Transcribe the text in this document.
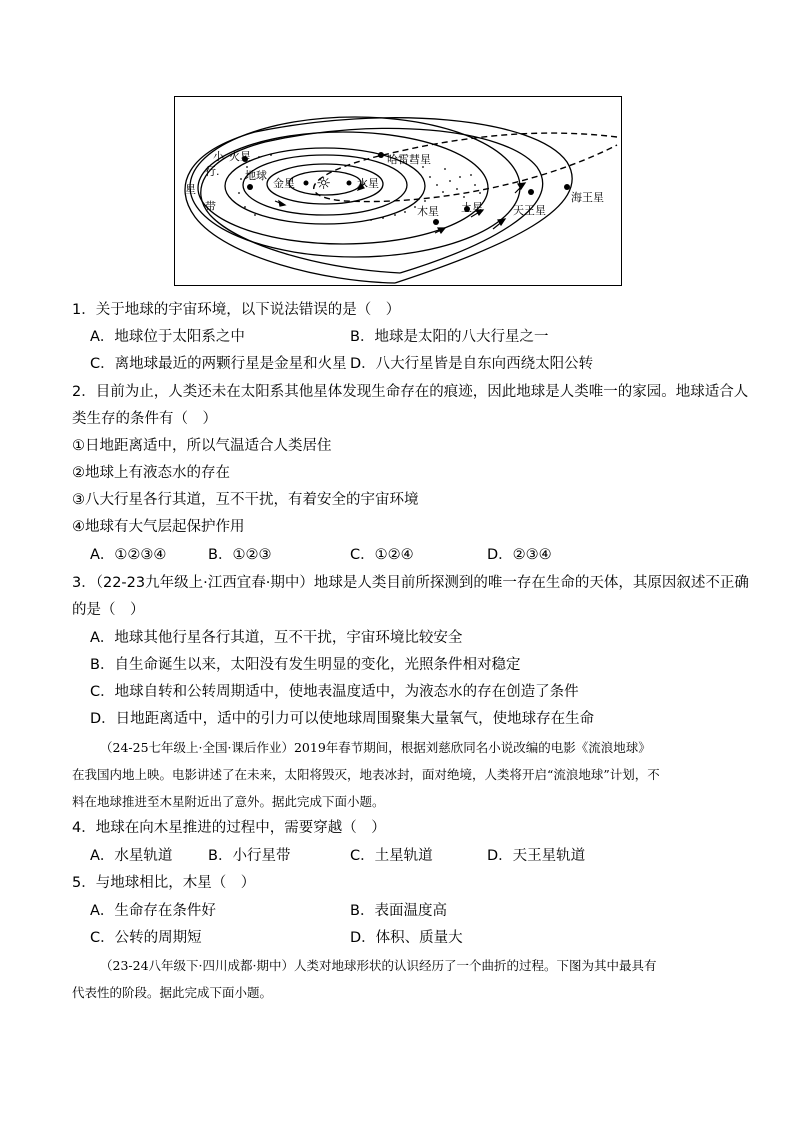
行.
星
带
小 火星
地球
金星 ☼ 水星
哈雷彗星
木星 土星	天王星
海王星
1．关于地球的宇宙环境，以下说法错误的是（　）
A．地球位于太阳系之中	B．地球是太阳的八大行星之一
C．离地球最近的两颗行星是金星和火星 D．八大行星皆是自东向西绕太阳公转
2．目前为止，人类还未在太阳系其他星体发现生命存在的痕迹，因此地球是人类唯一的家园。地球适合人
类生存的条件有（　）
①日地距离适中，所以气温适合人类居住
②地球上有液态水的存在
③八大行星各行其道，互不干扰，有着安全的宇宙环境
④地球有大气层起保护作用
A．①②③④	B．①②③	C．①②④	D．②③④
3．（22-23九年级上·江西宜春·期中）地球是人类目前所探测到的唯一存在生命的天体，其原因叙述不正确
的是（　）
A．地球其他行星各行其道，互不干扰，宇宙环境比较安全
B．自生命诞生以来，太阳没有发生明显的变化，光照条件相对稳定
C．地球自转和公转周期适中，使地表温度适中，为液态水的存在创造了条件
D．日地距离适中，适中的引力可以使地球周围聚集大量氧气，使地球存在生命
（24-25七年级上·全国·课后作业）2019年春节期间，根据刘慈欣同名小说改编的电影《流浪地球》
在我国内地上映。电影讲述了在未来，太阳将毁灭，地表冰封，面对绝境，人类将开启“流浪地球”计划，不
料在地球推进至木星附近出了意外。据此完成下面小题。
4．地球在向木星推进的过程中，需要穿越（　）
A．水星轨道 B．小行星带	C．土星轨道	D．天王星轨道
5．与地球相比，木星（　）
A．生命存在条件好	B．表面温度高
C．公转的周期短	D．体积、质量大
（23-24八年级下·四川成都·期中）人类对地球形状的认识经历了一个曲折的过程。下图为其中最具有
代表性的阶段。据此完成下面小题。
